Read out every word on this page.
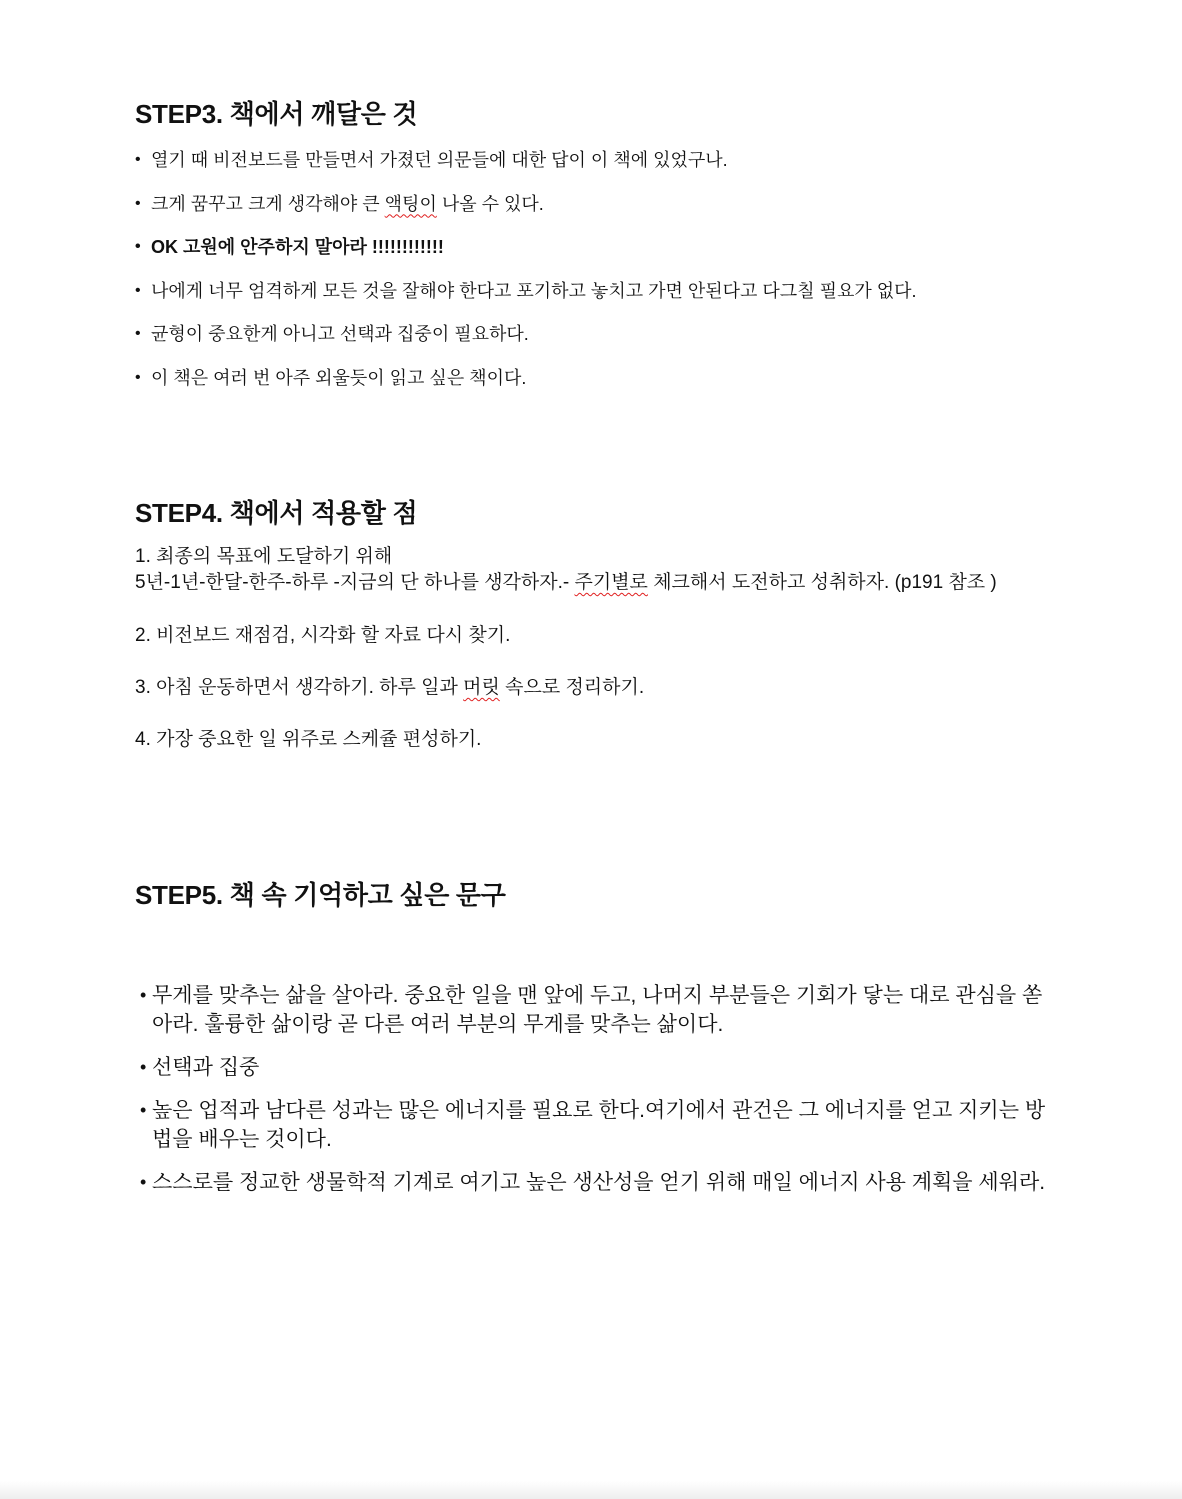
STEP3. 책에서 깨달은 것
• 열기 때 비전보드를 만들면서 가졌던 의문들에 대한 답이 이 책에 있었구나.
• 크게 꿈꾸고 크게 생각해야 큰 액팅이 나올 수 있다.
• OK 고원에 안주하지 말아라 !!!!!!!!!!!!
• 나에게 너무 엄격하게 모든 것을 잘해야 한다고 포기하고 놓치고 가면 안된다고 다그칠 필요가 없다.
• 균형이 중요한게 아니고 선택과 집중이 필요하다.
• 이 책은 여러 번 아주 외울듯이 읽고 싶은 책이다.
STEP4. 책에서 적용할 점
1. 최종의 목표에 도달하기 위해
5년-1년-한달-한주-하루 -지금의 단 하나를 생각하자.- 주기별로 체크해서 도전하고 성취하자. (p191 참조 )
2. 비전보드 재점검, 시각화 할 자료 다시 찾기.
3. 아침 운동하면서 생각하기. 하루 일과 머릿 속으로 정리하기.
4. 가장 중요한 일 위주로 스케쥴 편성하기.
STEP5. 책 속 기억하고 싶은 문구
• 무게를 맞추는 삶을 살아라. 중요한 일을 맨 앞에 두고, 나머지 부분들은 기회가 닿는 대로 관심을 쏟아라. 훌륭한 삶이랑 곧 다른 여러 부분의 무게를 맞추는 삶이다.
• 선택과 집중
• 높은 업적과 남다른 성과는 많은 에너지를 필요로 한다.여기에서 관건은 그 에너지를 얻고 지키는 방법을 배우는 것이다.
• 스스로를 정교한 생물학적 기계로 여기고 높은 생산성을 얻기 위해 매일 에너지 사용 계획을 세워라.
